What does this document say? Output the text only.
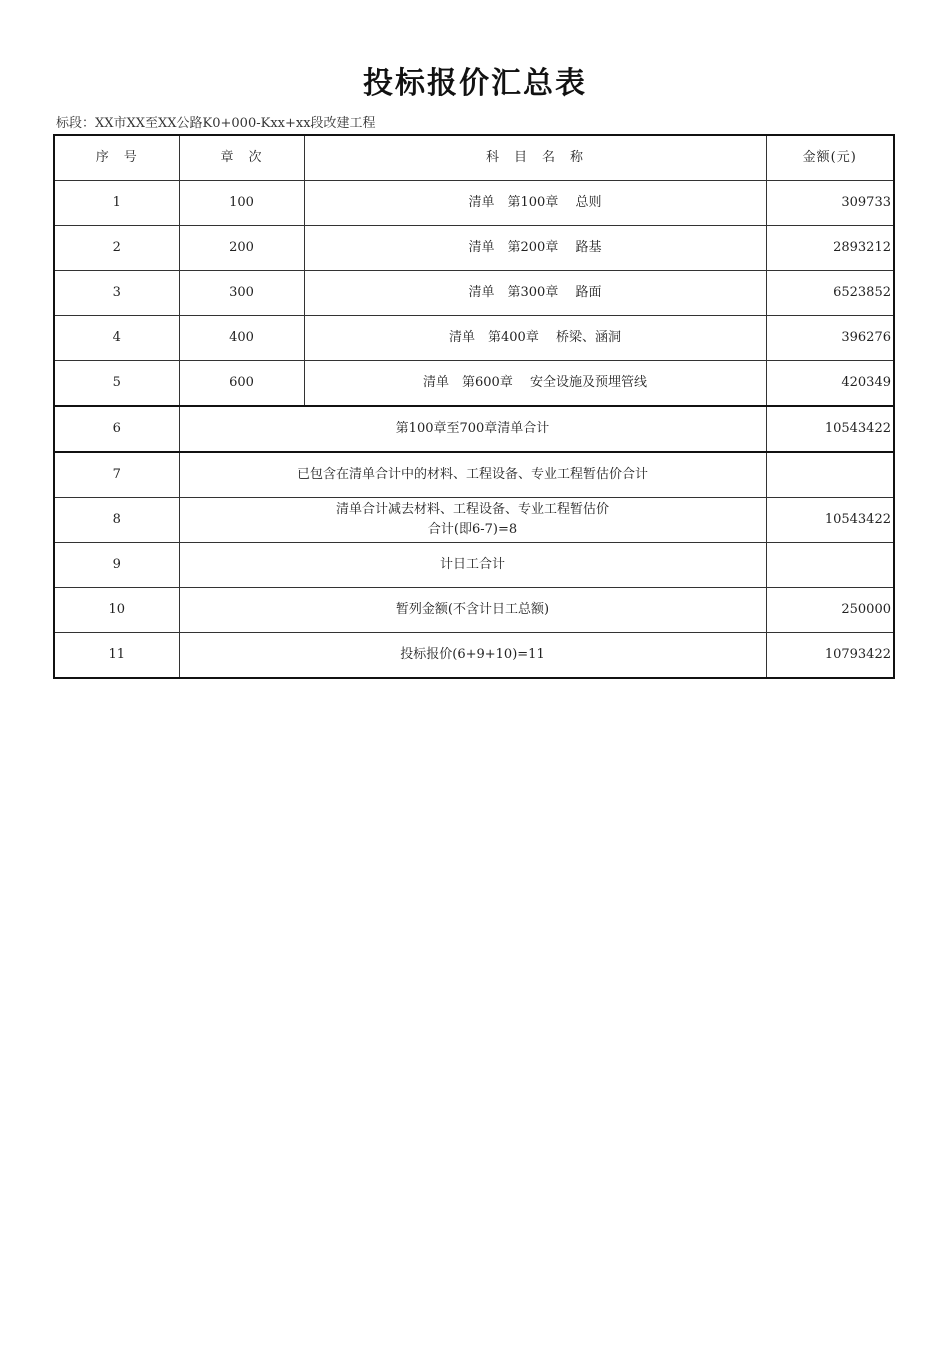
投标报价汇总表
标段：XX市XX至XX公路K0+000-Kxx+xx段改建工程
序　号	章　次	科　目　名　称	金额(元)
1	100	清单　第100章　 总则	309733
2	200	清单　第200章　 路基	2893212
3	300	清单　第300章　 路面	6523852
4	400	清单　第400章　 桥梁、涵洞	396276
5	600	清单　第600章　 安全设施及预埋管线	420349
6	第100章至700章清单合计		10543422
7	已包含在清单合计中的材料、工程设备、专业工程暂估价合计		
8	清单合计减去材料、工程设备、专业工程暂估价
合计(即6-7)=8		10543422
9	计日工合计		
10	暂列金额(不含计日工总额)		250000
11	投标报价(6+9+10)=11		10793422
